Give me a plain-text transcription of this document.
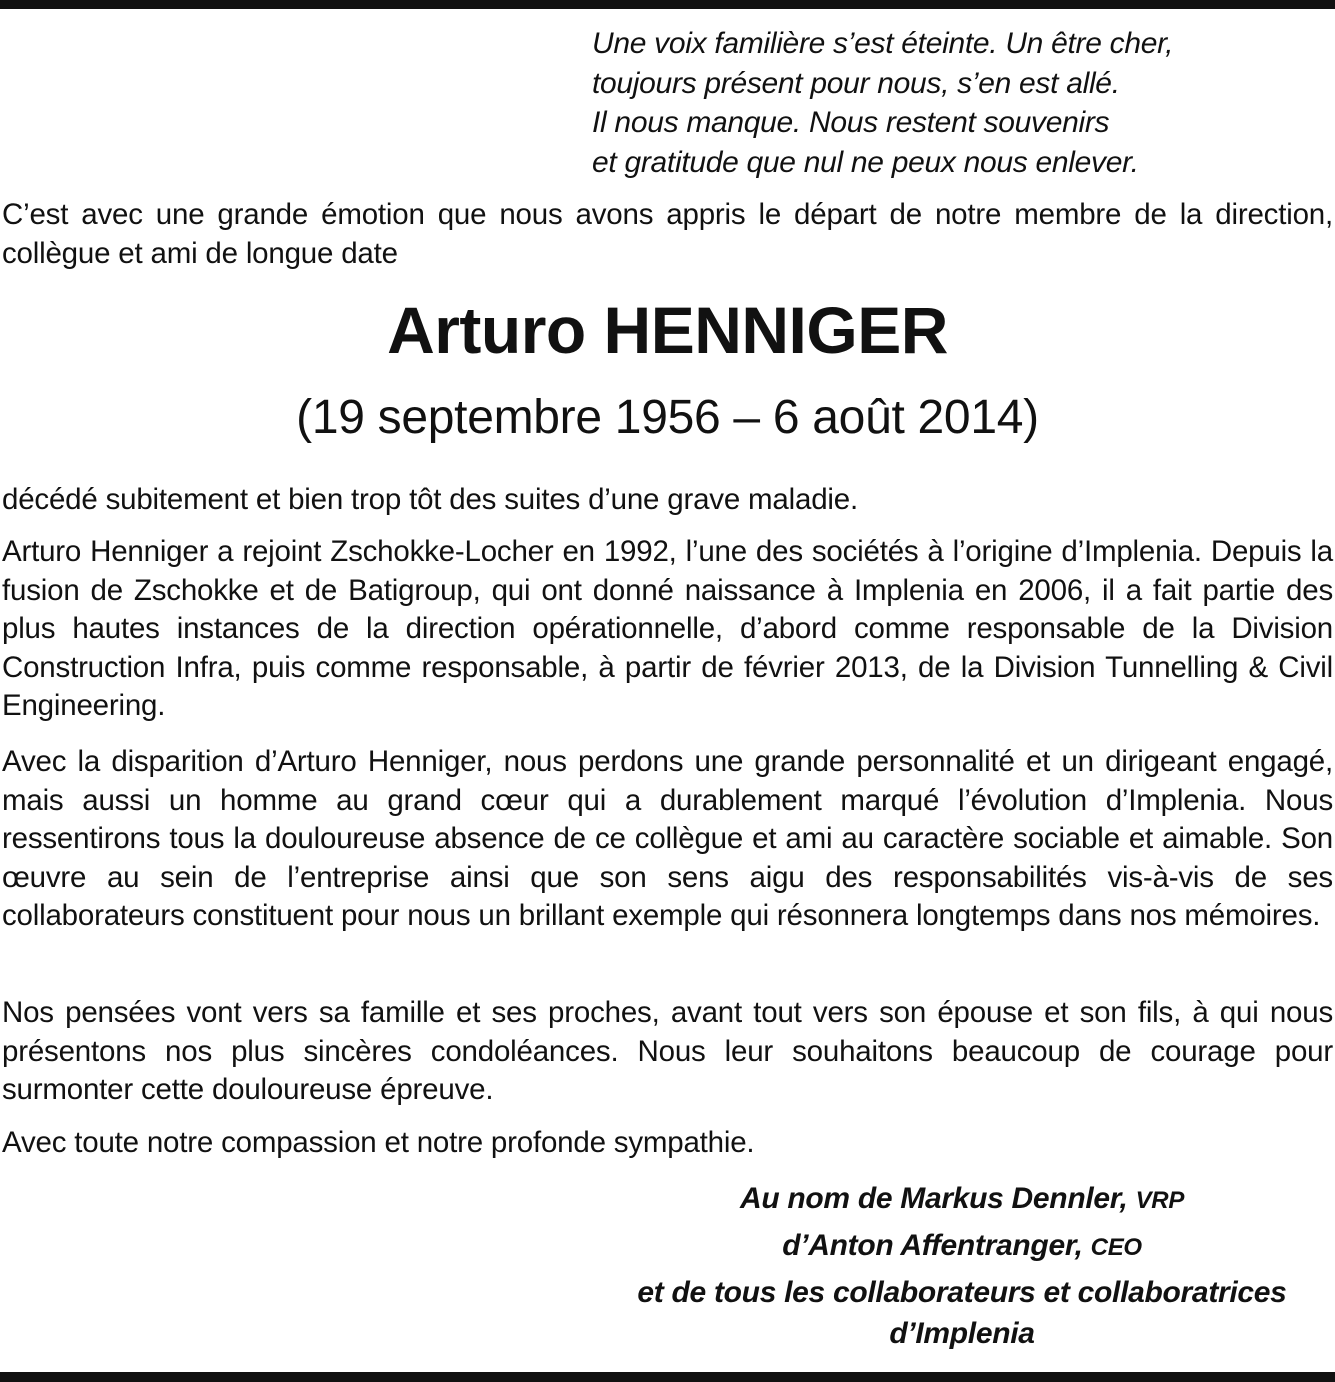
Une voix familière s’est éteinte. Un être cher,
toujours présent pour nous, s’en est allé.
Il nous manque. Nous restent souvenirs
et gratitude que nul ne peux nous enlever.
C’est avec une grande émotion que nous avons appris le départ de notre membre de la direction, collègue et ami de longue date
Arturo HENNIGER
(19 septembre 1956 – 6 août 2014)
décédé subitement et bien trop tôt des suites d’une grave maladie.
Arturo Henniger a rejoint Zschokke-Locher en 1992, l’une des sociétés à l’origine d’Implenia. Depuis la fusion de Zschokke et de Batigroup, qui ont donné naissance à Implenia en 2006, il a fait partie des plus hautes instances de la direction opérationnelle, d’abord comme responsable de la Division Construction Infra, puis comme responsable, à partir de février 2013, de la Division Tunnelling & Civil Engineering.
Avec la disparition d’Arturo Henniger, nous perdons une grande personnalité et un dirigeant engagé, mais aussi un homme au grand cœur qui a durablement marqué l’évolution d’Implenia. Nous ressentirons tous la douloureuse absence de ce collègue et ami au caractère sociable et aimable. Son œuvre au sein de l’entreprise ainsi que son sens aigu des responsabilités vis-à-vis de ses collaborateurs constituent pour nous un brillant exemple qui résonnera longtemps dans nos mémoires.
Nos pensées vont vers sa famille et ses proches, avant tout vers son épouse et son fils, à qui nous présentons nos plus sincères condoléances. Nous leur souhaitons beaucoup de courage pour surmonter cette douloureuse épreuve.
Avec toute notre compassion et notre profonde sympathie.
Au nom de Markus Dennler, VRP
d’Anton Affentranger, CEO
et de tous les collaborateurs et collaboratrices
d’Implenia
